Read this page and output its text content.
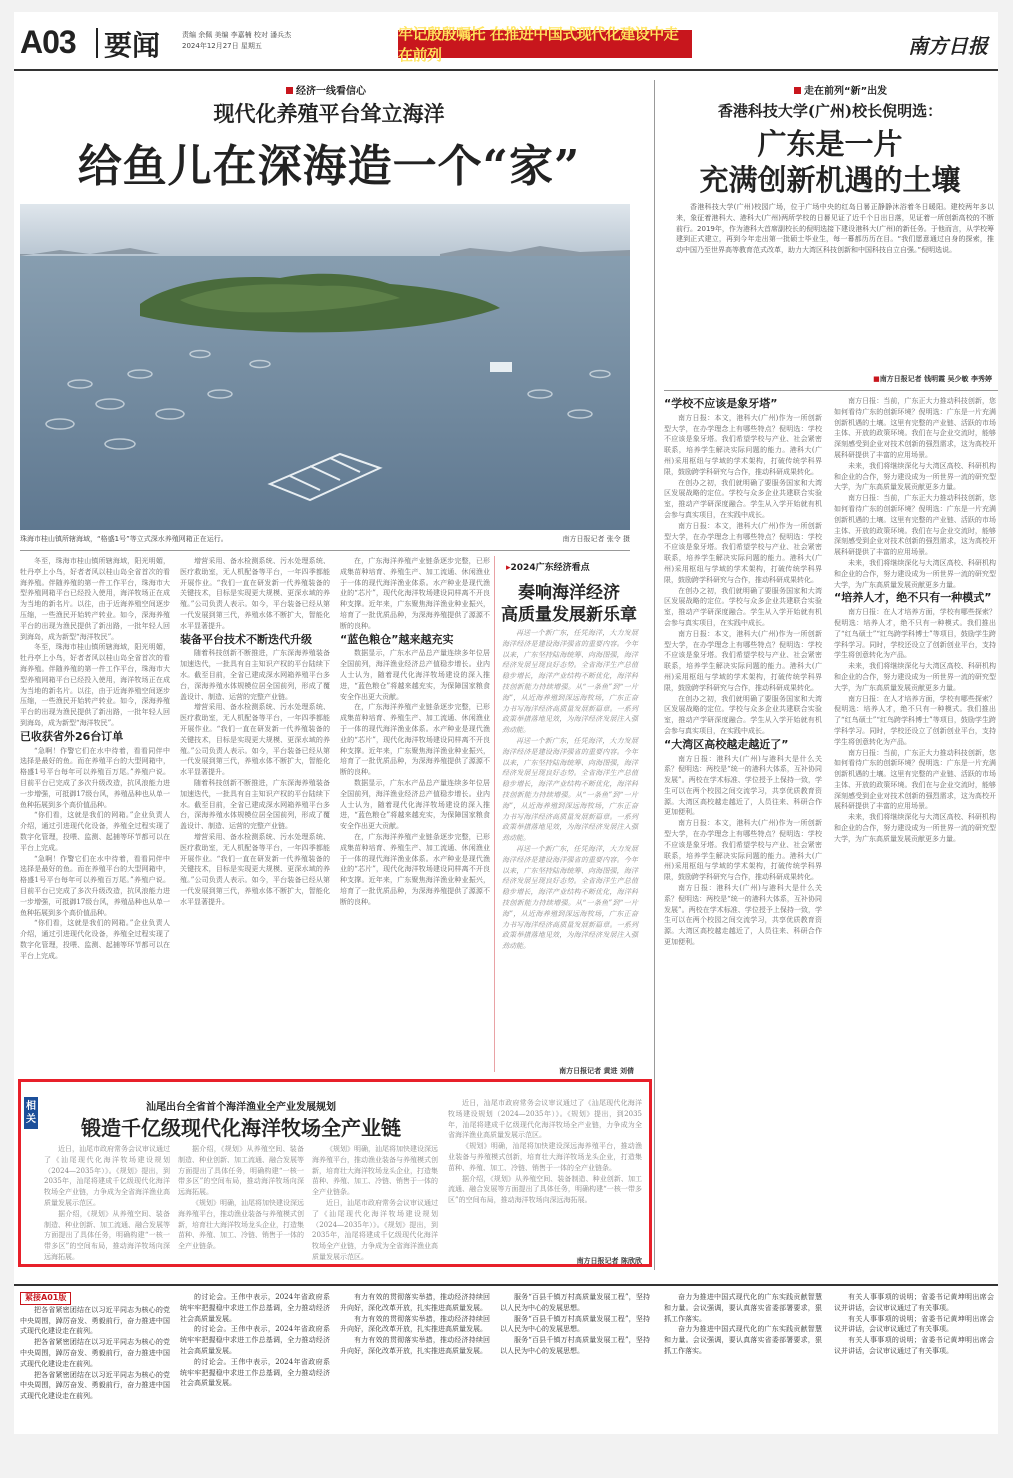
A03 要闻	责编 余佩 美编 李嘉楠 校对 潘兵杰
2024年12月27日 星期五
牢记殷殷嘱托 在推进中国式现代化建设中走在前列	南方日报
经济一线看信心
现代化养殖平台耸立海洋
给鱼儿在深海造一个“家”
南方日报记者 张令 摄
珠海市桂山镇所辖海域，“格盛1号”等立式深水养殖网箱正在运行。

冬至，珠海市桂山镇所辖海域，阳光明媚，牡丹亭上小鸟，好者者风以桂山岛全省首次的看海养殖。伴随养殖的第一件工作平台，珠海市大型养殖网箱平台已经投入使用，海洋牧场正在成为当地的新名片。以往，由于近海养殖空间逐步压缩，一些渔民开始转产转业。如今，深海养殖平台的出现为渔民提供了新出路，一批年轻人回到海岛，成为新型“海洋牧民”。

冬至，珠海市桂山镇所辖海域，阳光明媚，牡丹亭上小鸟，好者者风以桂山岛全省首次的看海养殖。伴随养殖的第一件工作平台，珠海市大型养殖网箱平台已经投入使用，海洋牧场正在成为当地的新名片。以往，由于近海养殖空间逐步压缩，一些渔民开始转产转业。如今，深海养殖平台的出现为渔民提供了新出路，一批年轻人回到海岛，成为新型“海洋牧民”。

已收获省外26台订单

“急啊！作警它们在水中待着，看看同伴中选择是最好的鱼。而在养殖平台的大型网箱中，格盛1号平台每年可以养殖百万尾。”养殖户说。目前平台已完成了多次升级改造，抗风浪能力进一步增强，可抵御17级台风，养殖品种也从单一鱼种拓展到多个高价值品种。

“你们看，这就是我们的网箱。”企业负责人介绍，通过引进现代化设备，养殖全过程实现了数字化管理，投喂、监测、起捕等环节都可以在平台上完成。

“急啊！作警它们在水中待着，看看同伴中选择是最好的鱼。而在养殖平台的大型网箱中，格盛1号平台每年可以养殖百万尾。”养殖户说。目前平台已完成了多次升级改造，抗风浪能力进一步增强，可抵御17级台风，养殖品种也从单一鱼种拓展到多个高价值品种。

“你们看，这就是我们的网箱。”企业负责人介绍，通过引进现代化设备，养殖全过程实现了数字化管理，投喂、监测、起捕等环节都可以在平台上完成。

增营采用、备水检测系统、污水处理系统、医疗救助室，无人机配备等平台，一年四季都能开展作业。“我们一直在研发新一代养殖装备的关键技术，目标是实现更大规模、更深水域的养殖。”公司负责人表示。如今，平台装备已经从第一代发展到第三代，养殖水体不断扩大，智能化水平显著提升。

装备平台技术不断迭代升级

随着科技创新不断推进，广东深海养殖装备加速迭代，一批具有自主知识产权的平台陆续下水。截至目前，全省已建成深水网箱养殖平台多台，深海养殖水体规模位居全国前列，形成了覆盖设计、制造、运营的完整产业链。

增营采用、备水检测系统、污水处理系统、医疗救助室，无人机配备等平台，一年四季都能开展作业。“我们一直在研发新一代养殖装备的关键技术，目标是实现更大规模、更深水域的养殖。”公司负责人表示。如今，平台装备已经从第一代发展到第三代，养殖水体不断扩大，智能化水平显著提升。

随着科技创新不断推进，广东深海养殖装备加速迭代，一批具有自主知识产权的平台陆续下水。截至目前，全省已建成深水网箱养殖平台多台，深海养殖水体规模位居全国前列，形成了覆盖设计、制造、运营的完整产业链。

增营采用、备水检测系统、污水处理系统、医疗救助室，无人机配备等平台，一年四季都能开展作业。“我们一直在研发新一代养殖装备的关键技术，目标是实现更大规模、更深水域的养殖。”公司负责人表示。如今，平台装备已经从第一代发展到第三代，养殖水体不断扩大，智能化水平显著提升。

在，广东海洋养殖产业链条逐步完整，已形成集苗种培育、养殖生产、加工流通、休闲渔业于一体的现代海洋渔业体系。水产种业是现代渔业的“芯片”，现代化海洋牧场建设同样离不开良种支撑。近年来，广东聚焦海洋渔业种业振兴，培育了一批优质品种，为深海养殖提供了源源不断的良种。

“蓝色粮仓”越来越充实

数据显示，广东水产品总产量连续多年位居全国前列，海洋渔业经济总产值稳步增长。业内人士认为，随着现代化海洋牧场建设的深入推进，“蓝色粮仓”将越来越充实，为保障国家粮食安全作出更大贡献。

在，广东海洋养殖产业链条逐步完整，已形成集苗种培育、养殖生产、加工流通、休闲渔业于一体的现代海洋渔业体系。水产种业是现代渔业的“芯片”，现代化海洋牧场建设同样离不开良种支撑。近年来，广东聚焦海洋渔业种业振兴，培育了一批优质品种，为深海养殖提供了源源不断的良种。

数据显示，广东水产品总产量连续多年位居全国前列，海洋渔业经济总产值稳步增长。业内人士认为，随着现代化海洋牧场建设的深入推进，“蓝色粮仓”将越来越充实，为保障国家粮食安全作出更大贡献。

在，广东海洋养殖产业链条逐步完整，已形成集苗种培育、养殖生产、加工流通、休闲渔业于一体的现代海洋渔业体系。水产种业是现代渔业的“芯片”，现代化海洋牧场建设同样离不开良种支撑。近年来，广东聚焦海洋渔业种业振兴，培育了一批优质品种，为深海养殖提供了源源不断的良种。

▸2024广东经济看点
奏响海洋经济
高质量发展新乐章

再送一个新广东，任凭海洋，大力发展海洋经济是建设海洋强省的重要内容。今年以来，广东坚持陆海统筹、向海图强，海洋经济发展呈现良好态势。全省海洋生产总值稳步增长，海洋产业结构不断优化，海洋科技创新能力持续增强。从“一条鱼”到“一片海”，从近海养殖到深远海牧场，广东正奋力书写海洋经济高质量发展新篇章。一系列政策举措落地见效，为海洋经济发展注入强劲动能。

再送一个新广东，任凭海洋，大力发展海洋经济是建设海洋强省的重要内容。今年以来，广东坚持陆海统筹、向海图强，海洋经济发展呈现良好态势。全省海洋生产总值稳步增长，海洋产业结构不断优化，海洋科技创新能力持续增强。从“一条鱼”到“一片海”，从近海养殖到深远海牧场，广东正奋力书写海洋经济高质量发展新篇章。一系列政策举措落地见效，为海洋经济发展注入强劲动能。

再送一个新广东，任凭海洋，大力发展海洋经济是建设海洋强省的重要内容。今年以来，广东坚持陆海统筹、向海图强，海洋经济发展呈现良好态势。全省海洋生产总值稳步增长，海洋产业结构不断优化，海洋科技创新能力持续增强。从“一条鱼”到“一片海”，从近海养殖到深远海牧场，广东正奋力书写海洋经济高质量发展新篇章。一系列政策举措落地见效，为海洋经济发展注入强劲动能。

南方日报记者 黄进 刘倩
走在前列“新”出发
香港科技大学(广州)校长倪明选：
广东是一片
充满创新机遇的土壤

香港科技大学(广州)校园广场，位于广场中央的红岛日晷正静静沐浴着冬日暖阳。建校两年多以来，象征着港科大、港科大(广州)两所学校的日晷见证了近千个日出日落，见证着一所创新高校的不断前行。2019年，作为港科大首席副校长的倪明选接下建设港科大(广州)的新任务。于他而言，从学校筹建到正式建立，再到今年走出第一批硕士毕业生，每一幕都历历在目。“我们愿意通过自身的探索，推动中国乃至世界高等教育范式改革，助力大湾区科技创新和中国科技自立自强。”倪明选说。

■南方日报记者 钱明霞 吴少敏 李秀婷
“学校不应该是象牙塔”

南方日报：本文，港科大(广州)作为一所创新型大学，在办学理念上有哪些特点？倪明选：学校不应该是象牙塔。我们希望学校与产业、社会紧密联系，培养学生解决实际问题的能力。港科大(广州)采用枢纽与学域的学术架构，打破传统学科界限，鼓励跨学科研究与合作，推动科研成果转化。

在创办之初，我们就明确了要服务国家和大湾区发展战略的定位。学校与众多企业共建联合实验室，推动产学研深度融合。学生从入学开始就有机会参与真实项目，在实践中成长。

南方日报：本文，港科大(广州)作为一所创新型大学，在办学理念上有哪些特点？倪明选：学校不应该是象牙塔。我们希望学校与产业、社会紧密联系，培养学生解决实际问题的能力。港科大(广州)采用枢纽与学域的学术架构，打破传统学科界限，鼓励跨学科研究与合作，推动科研成果转化。

在创办之初，我们就明确了要服务国家和大湾区发展战略的定位。学校与众多企业共建联合实验室，推动产学研深度融合。学生从入学开始就有机会参与真实项目，在实践中成长。

南方日报：本文，港科大(广州)作为一所创新型大学，在办学理念上有哪些特点？倪明选：学校不应该是象牙塔。我们希望学校与产业、社会紧密联系，培养学生解决实际问题的能力。港科大(广州)采用枢纽与学域的学术架构，打破传统学科界限，鼓励跨学科研究与合作，推动科研成果转化。

在创办之初，我们就明确了要服务国家和大湾区发展战略的定位。学校与众多企业共建联合实验室，推动产学研深度融合。学生从入学开始就有机会参与真实项目，在实践中成长。

“大湾区高校越走越近了”

南方日报：港科大(广州)与港科大是什么关系？倪明选：两校是“统一的港科大体系，互补协同发展”。两校在学术标准、学位授予上保持一致，学生可以在两个校园之间交流学习，共享优质教育资源。大湾区高校越走越近了，人员往来、科研合作更加便利。

南方日报：本文，港科大(广州)作为一所创新型大学，在办学理念上有哪些特点？倪明选：学校不应该是象牙塔。我们希望学校与产业、社会紧密联系，培养学生解决实际问题的能力。港科大(广州)采用枢纽与学域的学术架构，打破传统学科界限，鼓励跨学科研究与合作，推动科研成果转化。

南方日报：港科大(广州)与港科大是什么关系？倪明选：两校是“统一的港科大体系，互补协同发展”。两校在学术标准、学位授予上保持一致，学生可以在两个校园之间交流学习，共享优质教育资源。大湾区高校越走越近了，人员往来、科研合作更加便利。

南方日报：当前，广东正大力推动科技创新，您如何看待广东的创新环境？倪明选：广东是一片充满创新机遇的土壤。这里有完整的产业链、活跃的市场主体、开放的政策环境。我们在与企业交流时，能够深刻感受到企业对技术创新的强烈需求，这为高校开展科研提供了丰富的应用场景。

未来，我们将继续深化与大湾区高校、科研机构和企业的合作，努力建设成为一所世界一流的研究型大学，为广东高质量发展贡献更多力量。

南方日报：当前，广东正大力推动科技创新，您如何看待广东的创新环境？倪明选：广东是一片充满创新机遇的土壤。这里有完整的产业链、活跃的市场主体、开放的政策环境。我们在与企业交流时，能够深刻感受到企业对技术创新的强烈需求，这为高校开展科研提供了丰富的应用场景。

未来，我们将继续深化与大湾区高校、科研机构和企业的合作，努力建设成为一所世界一流的研究型大学，为广东高质量发展贡献更多力量。

“培养人才，绝不只有一种模式”

南方日报：在人才培养方面，学校有哪些探索？倪明选：培养人才，绝不只有一种模式。我们推出了“红鸟硕士”“红鸟跨学科博士”等项目，鼓励学生跨学科学习。同时，学校还设立了创新创业平台，支持学生将创意转化为产品。

未来，我们将继续深化与大湾区高校、科研机构和企业的合作，努力建设成为一所世界一流的研究型大学，为广东高质量发展贡献更多力量。

南方日报：在人才培养方面，学校有哪些探索？倪明选：培养人才，绝不只有一种模式。我们推出了“红鸟硕士”“红鸟跨学科博士”等项目，鼓励学生跨学科学习。同时，学校还设立了创新创业平台，支持学生将创意转化为产品。

南方日报：当前，广东正大力推动科技创新，您如何看待广东的创新环境？倪明选：广东是一片充满创新机遇的土壤。这里有完整的产业链、活跃的市场主体、开放的政策环境。我们在与企业交流时，能够深刻感受到企业对技术创新的强烈需求，这为高校开展科研提供了丰富的应用场景。

未来，我们将继续深化与大湾区高校、科研机构和企业的合作，努力建设成为一所世界一流的研究型大学，为广东高质量发展贡献更多力量。

相关
汕尾出台全省首个海洋渔业全产业发展规划
锻造千亿级现代化海洋牧场全产业链

近日，汕尾市政府常务会议审议通过了《汕尾现代化海洋牧场建设规划（2024—2035年）》。《规划》提出，到2035年，汕尾将建成千亿级现代化海洋牧场全产业链，力争成为全省海洋渔业高质量发展示范区。

据介绍，《规划》从养殖空间、装备制造、种业创新、加工流通、融合发展等方面提出了具体任务，明确构建“一核一带多区”的空间布局，推动海洋牧场向深远海拓展。

据介绍，《规划》从养殖空间、装备制造、种业创新、加工流通、融合发展等方面提出了具体任务，明确构建“一核一带多区”的空间布局，推动海洋牧场向深远海拓展。

《规划》明确，汕尾将加快建设深远海养殖平台，推动渔业装备与养殖模式创新，培育壮大海洋牧场龙头企业，打造集苗种、养殖、加工、冷链、销售于一体的全产业链条。

《规划》明确，汕尾将加快建设深远海养殖平台，推动渔业装备与养殖模式创新，培育壮大海洋牧场龙头企业，打造集苗种、养殖、加工、冷链、销售于一体的全产业链条。

近日，汕尾市政府常务会议审议通过了《汕尾现代化海洋牧场建设规划（2024—2035年）》。《规划》提出，到2035年，汕尾将建成千亿级现代化海洋牧场全产业链，力争成为全省海洋渔业高质量发展示范区。

近日，汕尾市政府常务会议审议通过了《汕尾现代化海洋牧场建设规划（2024—2035年）》。《规划》提出，到2035年，汕尾将建成千亿级现代化海洋牧场全产业链，力争成为全省海洋渔业高质量发展示范区。

《规划》明确，汕尾将加快建设深远海养殖平台，推动渔业装备与养殖模式创新，培育壮大海洋牧场龙头企业，打造集苗种、养殖、加工、冷链、销售于一体的全产业链条。

据介绍，《规划》从养殖空间、装备制造、种业创新、加工流通、融合发展等方面提出了具体任务，明确构建“一核一带多区”的空间布局，推动海洋牧场向深远海拓展。

南方日报记者 陈欣欣
紧接A01版

把各省紧密团结在以习近平同志为核心的党中央周围，踔厉奋发、勇毅前行，奋力推进中国式现代化建设走在前列。

把各省紧密团结在以习近平同志为核心的党中央周围，踔厉奋发、勇毅前行，奋力推进中国式现代化建设走在前列。

把各省紧密团结在以习近平同志为核心的党中央周围，踔厉奋发、勇毅前行，奋力推进中国式现代化建设走在前列。

的讨论会。王伟中表示，2024年省政府系统牢牢把握稳中求进工作总基调，全力推动经济社会高质量发展。

的讨论会。王伟中表示，2024年省政府系统牢牢把握稳中求进工作总基调，全力推动经济社会高质量发展。

的讨论会。王伟中表示，2024年省政府系统牢牢把握稳中求进工作总基调，全力推动经济社会高质量发展。

有力有效的贯彻落实举措，推动经济持续回升向好，深化改革开放，扎实推进高质量发展。

有力有效的贯彻落实举措，推动经济持续回升向好，深化改革开放，扎实推进高质量发展。

有力有效的贯彻落实举措，推动经济持续回升向好，深化改革开放，扎实推进高质量发展。

服务“百县千镇万村高质量发展工程”，坚持以人民为中心的发展思想。

服务“百县千镇万村高质量发展工程”，坚持以人民为中心的发展思想。

服务“百县千镇万村高质量发展工程”，坚持以人民为中心的发展思想。

奋力为推进中国式现代化的广东实践贡献智慧和力量。会议强调，要认真落实省委部署要求，狠抓工作落实。

奋力为推进中国式现代化的广东实践贡献智慧和力量。会议强调，要认真落实省委部署要求，狠抓工作落实。

有关人事事项的说明；省委书记黄坤明出席会议并讲话，会议审议通过了有关事项。

有关人事事项的说明；省委书记黄坤明出席会议并讲话，会议审议通过了有关事项。

有关人事事项的说明；省委书记黄坤明出席会议并讲话，会议审议通过了有关事项。
